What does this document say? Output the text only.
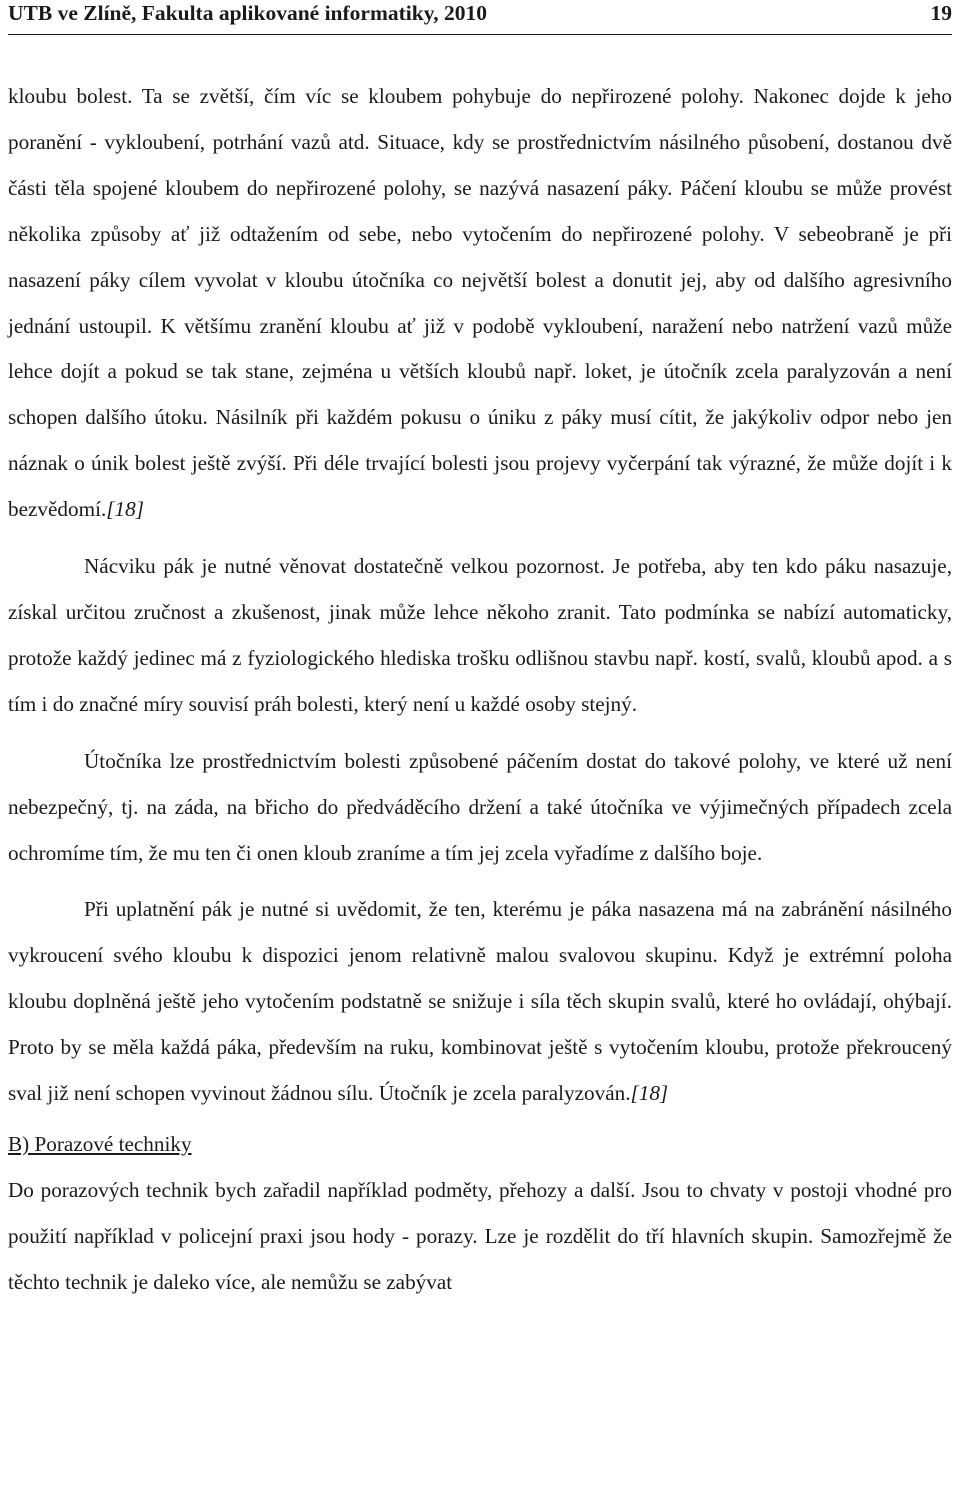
UTB ve Zlíně, Fakulta aplikované informatiky, 2010	19

kloubu bolest. Ta se zvětší, čím víc se kloubem pohybuje do nepřirozené polohy. Nakonec dojde k jeho poranění - vykloubení, potrhání vazů atd. Situace, kdy se prostřednictvím násilného působení, dostanou dvě části těla spojené kloubem do nepřirozené polohy, se nazývá nasazení páky. Páčení kloubu se může provést několika způsoby ať již odtažením od sebe, nebo vytočením do nepřirozené polohy. V sebeobraně je při nasazení páky cílem vyvolat v kloubu útočníka co největší bolest a donutit jej, aby od dalšího agresivního jednání ustoupil. K většímu zranění kloubu ať již v podobě vykloubení, naražení nebo natržení vazů může lehce dojít a pokud se tak stane, zejména u větších kloubů např. loket, je útočník zcela paralyzován a není schopen dalšího útoku. Násilník při každém pokusu o úniku z páky musí cítit, že jakýkoliv odpor nebo jen náznak o únik bolest ještě zvýší. Při déle trvající bolesti jsou projevy vyčerpání tak výrazné, že může dojít i k bezvědomí.[18]

Nácviku pák je nutné věnovat dostatečně velkou pozornost. Je potřeba, aby ten kdo páku nasazuje, získal určitou zručnost a zkušenost, jinak může lehce někoho zranit. Tato podmínka se nabízí automaticky, protože každý jedinec má z fyziologického hlediska trošku odlišnou stavbu např. kostí, svalů, kloubů apod. a s tím i do značné míry souvisí práh bolesti, který není u každé osoby stejný.

Útočníka lze prostřednictvím bolesti způsobené páčením dostat do takové polohy, ve které už není nebezpečný, tj. na záda, na břicho do předváděcího držení a také útočníka ve výjimečných případech zcela ochromíme tím, že mu ten či onen kloub zraníme a tím jej zcela vyřadíme z dalšího boje.

Při uplatnění pák je nutné si uvědomit, že ten, kterému je páka nasazena má na zabránění násilného vykroucení svého kloubu k dispozici jenom relativně malou svalovou skupinu. Když je extrémní poloha kloubu doplněná ještě jeho vytočením podstatně se snižuje i síla těch skupin svalů, které ho ovládají, ohýbají. Proto by se měla každá páka, především na ruku, kombinovat ještě s vytočením kloubu, protože překroucený sval již není schopen vyvinout žádnou sílu. Útočník je zcela paralyzován.[18]

B) Porazové techniky

Do porazových technik bych zařadil například podměty, přehozy a další. Jsou to chvaty v postoji vhodné pro použití například v policejní praxi jsou hody - porazy. Lze je rozdělit do tří hlavních skupin. Samozřejmě že těchto technik je daleko více, ale nemůžu se zabývat
